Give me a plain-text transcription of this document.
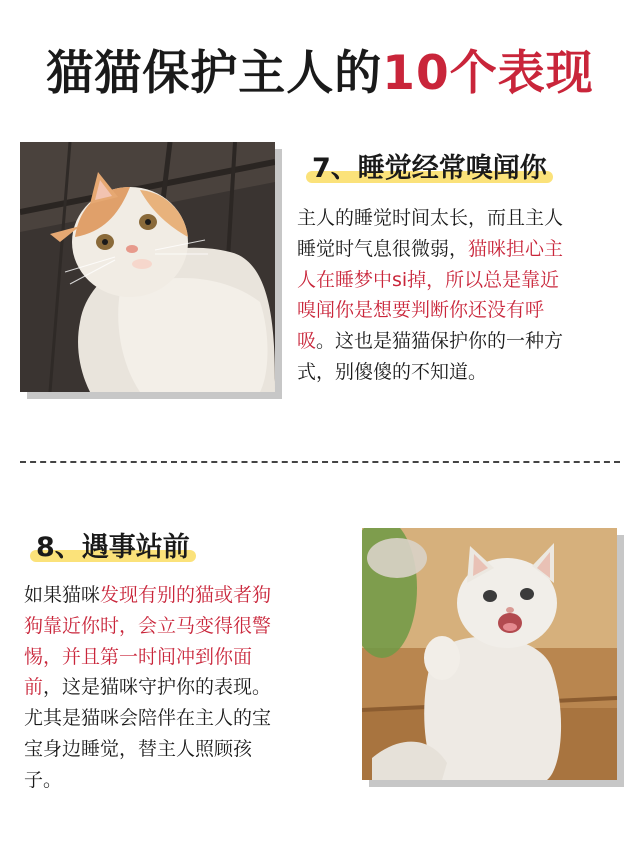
猫猫保护主人的10个表现
7、睡觉经常嗅闻你
主人的睡觉时间太长，而且主人
睡觉时气息很微弱，猫咪担心主
人在睡梦中si掉，所以总是靠近
嗅闻你是想要判断你还没有呼
吸。这也是猫猫保护你的一种方
式，别傻傻的不知道。
8、遇事站前
如果猫咪发现有别的猫或者狗
狗靠近你时，会立马变得很警
惕，并且第一时间冲到你面
前，这是猫咪守护你的表现。
尤其是猫咪会陪伴在主人的宝
宝身边睡觉，替主人照顾孩
子。
